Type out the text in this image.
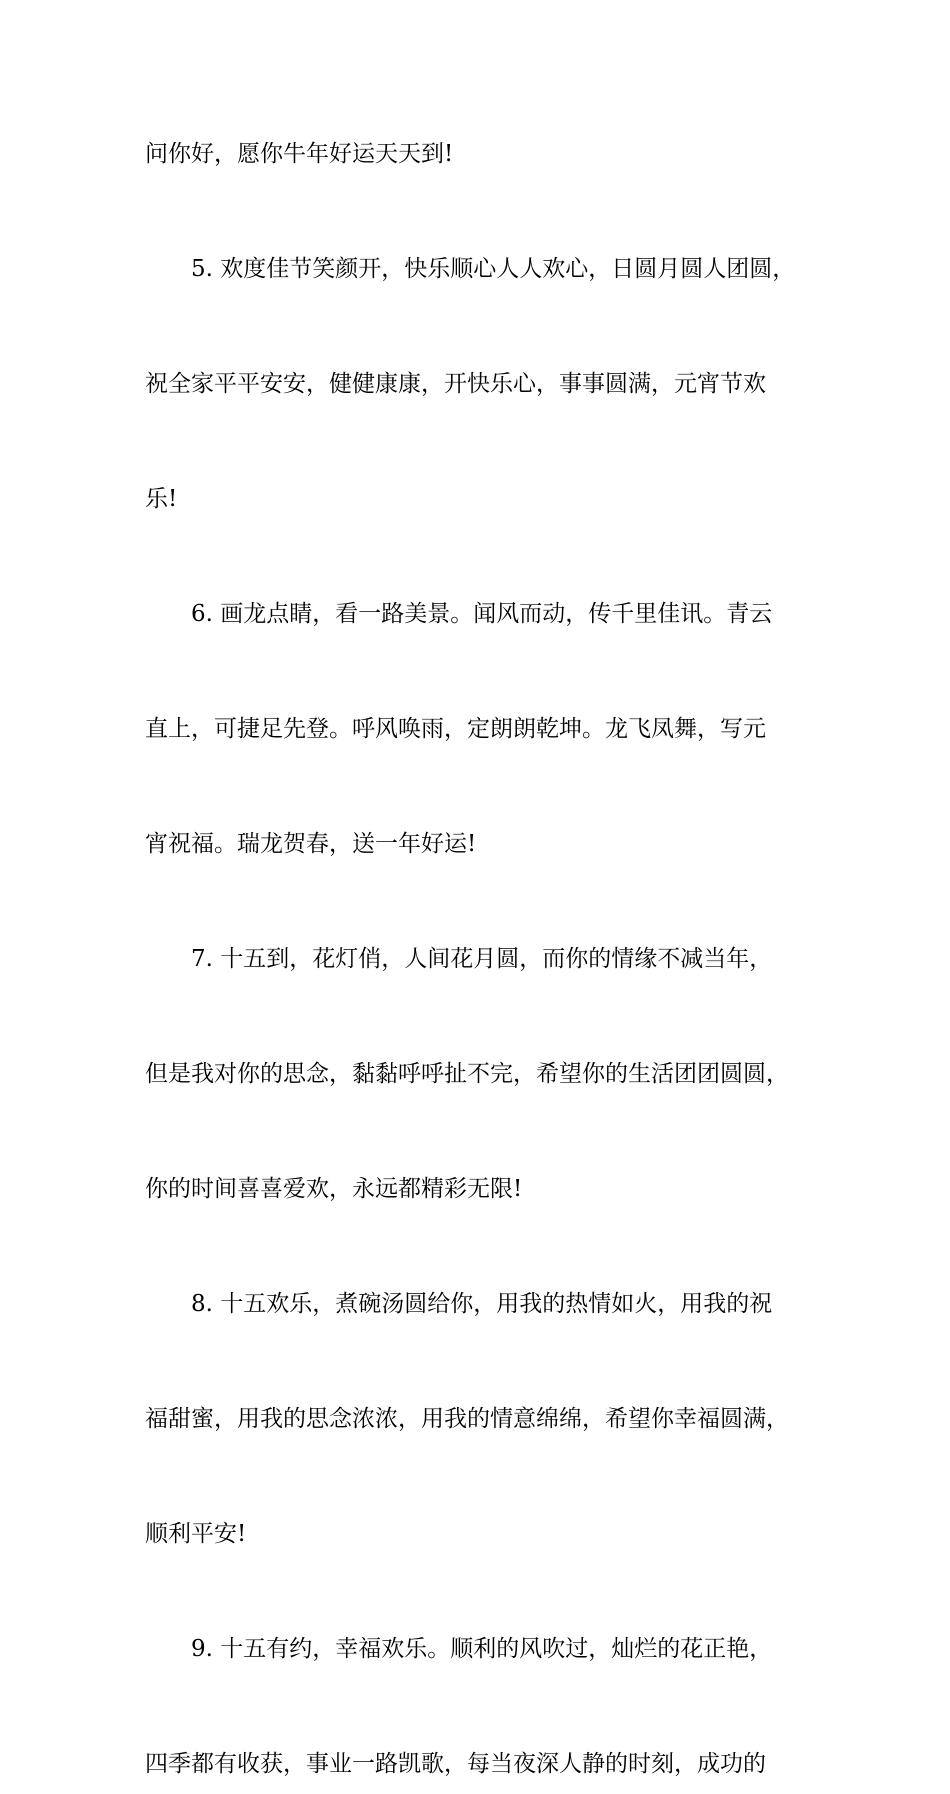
问你好，愿你牛年好运天天到!
5. 欢度佳节笑颜开，快乐顺心人人欢心，日圆月圆人团圆，
祝全家平平安安，健健康康，开快乐心，事事圆满，元宵节欢
乐!
6. 画龙点睛，看一路美景。闻风而动，传千里佳讯。青云
直上，可捷足先登。呼风唤雨，定朗朗乾坤。龙飞凤舞，写元
宵祝福。瑞龙贺春，送一年好运!
7. 十五到，花灯俏，人间花月圆，而你的情缘不减当年，
但是我对你的思念，黏黏呼呼扯不完，希望你的生活团团圆圆，
你的时间喜喜爱欢，永远都精彩无限!
8. 十五欢乐，煮碗汤圆给你，用我的热情如火，用我的祝
福甜蜜，用我的思念浓浓，用我的情意绵绵，希望你幸福圆满，
顺利平安!
9. 十五有约，幸福欢乐。顺利的风吹过，灿烂的花正艳，
四季都有收获，事业一路凯歌，每当夜深人静的时刻，成功的
